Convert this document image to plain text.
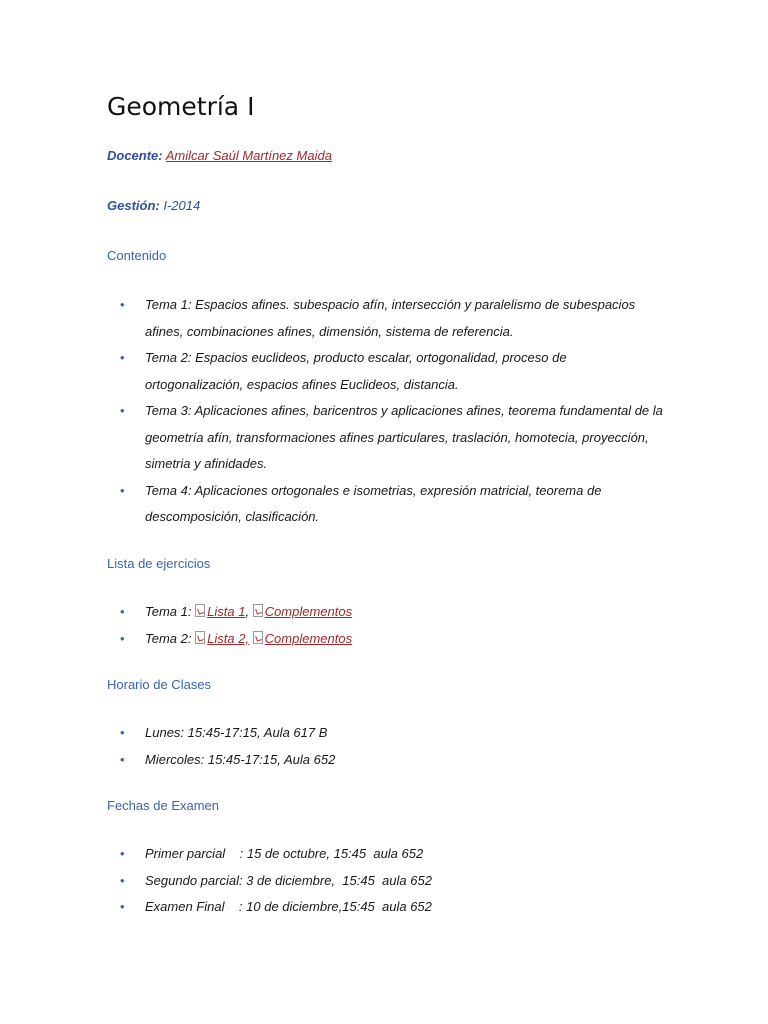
Geometría I
Docente: Amilcar Saúl Martínez Maida
Gestión: I-2014
Contenido
• Tema 1: Espacios afines. subespacio afín, intersección y paralelismo de subespacios afines, combinaciones afines, dimensión, sistema de referencia.
• Tema 2: Espacios euclideos, producto escalar, ortogonalidad, proceso de ortogonalización, espacios afines Euclideos, distancia.
• Tema 3: Aplicaciones afines, baricentros y aplicaciones afines, teorema fundamental de la geometría afín, transformaciones afines particulares, traslación, homotecia, proyección, simetria y afinidades.
• Tema 4: Aplicaciones ortogonales e isometrias, expresión matricial, teorema de descomposición, clasificación.
Lista de ejercicios
• Tema 1: Lista 1, Complementos
• Tema 2: Lista 2, Complementos
Horario de Clases
• Lunes: 15:45-17:15, Aula 617 B
• Miercoles: 15:45-17:15, Aula 652
Fechas de Examen
• Primer parcial    : 15 de octubre, 15:45  aula 652
• Segundo parcial: 3 de diciembre,  15:45  aula 652
• Examen Final    : 10 de diciembre,15:45  aula 652
